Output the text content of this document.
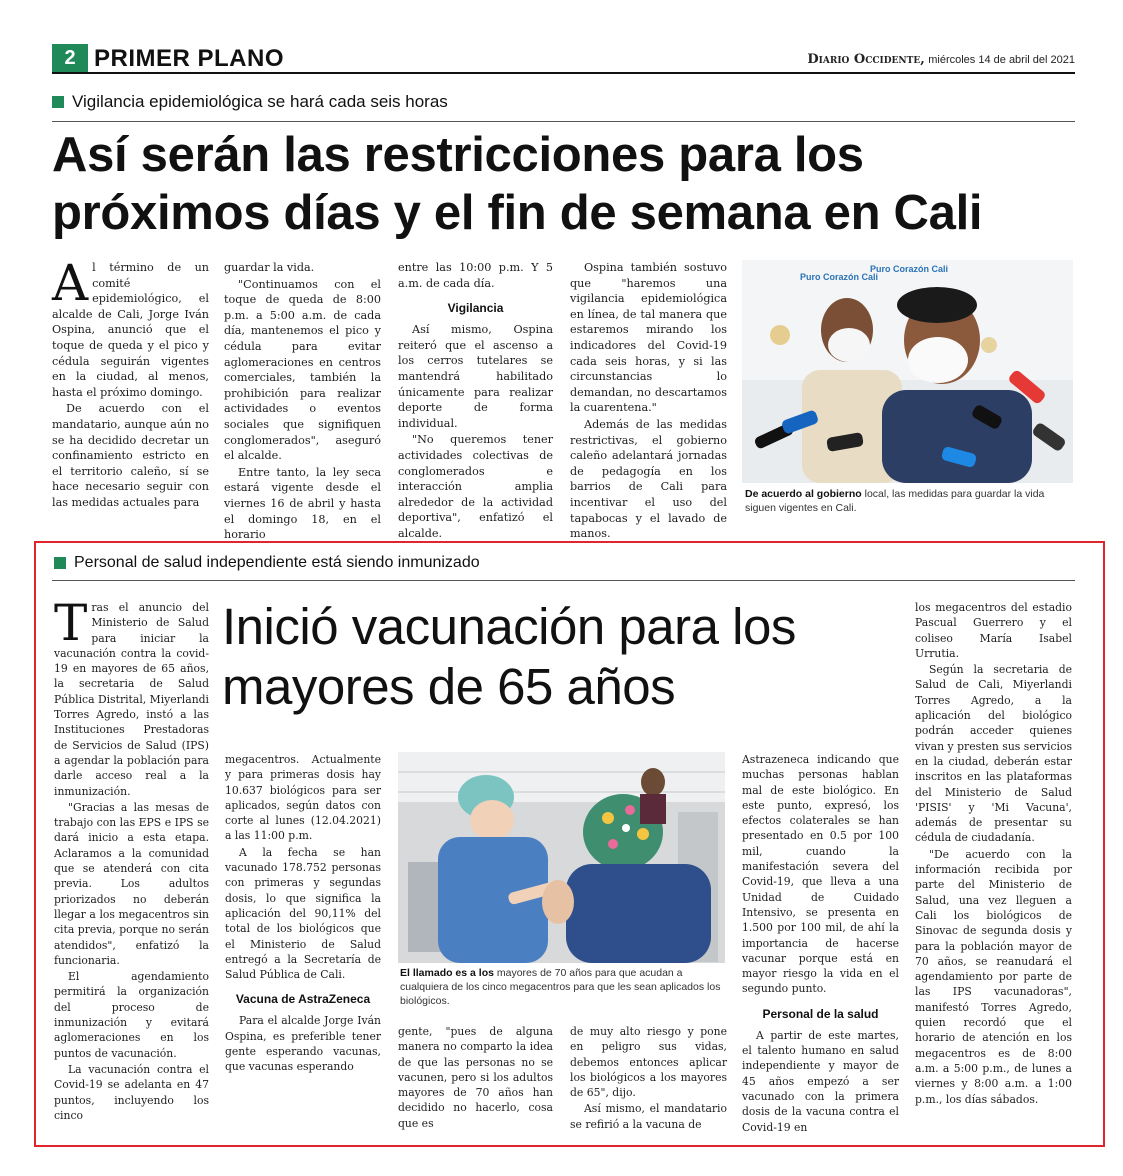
2 PRIMER PLANO	Diario Occidente, miércoles 14 de abril del 2021
Vigilancia epidemiológica se hará cada seis horas
Así serán las restricciones para los próximos días y el fin de semana en Cali

Al término de un comité epidemiológico, el alcalde de Cali, Jorge Iván Ospina, anunció que el toque de queda y el pico y cédula seguirán vigentes en la ciudad, al menos, hasta el próximo domingo.

De acuerdo con el mandatario, aunque aún no se ha decidido decretar un confinamiento estricto en el territorio caleño, sí se hace necesario seguir con las medidas actuales para

guardar la vida.

"Continuamos con el toque de queda de 8:00 p.m. a 5:00 a.m. de cada día, mantenemos el pico y cédula para evitar aglomeraciones en centros comerciales, también la prohibición para realizar actividades o eventos sociales que signifiquen conglomerados", aseguró el alcalde.

Entre tanto, la ley seca estará vigente desde el viernes 16 de abril y hasta el domingo 18, en el horario

entre las 10:00 p.m. Y 5 a.m. de cada día.

Vigilancia

Así mismo, Ospina reiteró que el ascenso a los cerros tutelares se mantendrá habilitado únicamente para realizar deporte de forma individual.

"No queremos tener actividades colectivas de conglomerados e interacción amplia alrededor de la actividad deportiva", enfatizó el alcalde.

Ospina también sostuvo que "haremos una vigilancia epidemiológica en línea, de tal manera que estaremos mirando los indicadores del Covid-19 cada seis horas, y si las circunstancias lo demandan, no descartamos la cuarentena."

Además de las medidas restrictivas, el gobierno caleño adelantará jornadas de pedagogía en los barrios de Cali para incentivar el uso del tapabocas y el lavado de manos.

Puro Corazón Cali
Puro Corazón Cali
De acuerdo al gobierno local, las medidas para guardar la vida siguen vigentes en Cali.
Personal de salud independiente está siendo inmunizado
Inició vacunación para los mayores de 65 años

Tras el anuncio del Ministerio de Salud para iniciar la vacunación contra la covid-19 en mayores de 65 años, la secretaria de Salud Pública Distrital, Miyerlandi Torres Agredo, instó a las Instituciones Prestadoras de Servicios de Salud (IPS) a agendar la población para darle acceso real a la inmunización.

"Gracias a las mesas de trabajo con las EPS e IPS se dará inicio a esta etapa. Aclaramos a la comunidad que se atenderá con cita previa. Los adultos priorizados no deberán llegar a los megacentros sin cita previa, porque no serán atendidos", enfatizó la funcionaria.

El agendamiento permitirá la organización del proceso de inmunización y evitará aglomeraciones en los puntos de vacunación.

La vacunación contra el Covid-19 se adelanta en 47 puntos, incluyendo los cinco

megacentros. Actualmente y para primeras dosis hay 10.637 biológicos para ser aplicados, según datos con corte al lunes (12.04.2021) a las 11:00 p.m.

A la fecha se han vacunado 178.752 personas con primeras y segundas dosis, lo que significa la aplicación del 90,11% del total de los biológicos que el Ministerio de Salud entregó a la Secretaría de Salud Pública de Cali.

Vacuna de AstraZeneca

Para el alcalde Jorge Iván Ospina, es preferible tener gente esperando vacunas, que vacunas esperando

El llamado es a los mayores de 70 años para que acudan a cualquiera de los cinco megacentros para que les sean aplicados los biológicos.

gente, "pues de alguna manera no comparto la idea de que las personas no se vacunen, pero si los adultos mayores de 70 años han decidido no hacerlo, cosa que es

de muy alto riesgo y pone en peligro sus vidas, debemos entonces aplicar los biológicos a los mayores de 65", dijo.

Así mismo, el mandatario se refirió a la vacuna de

Astrazeneca indicando que muchas personas hablan mal de este biológico. En este punto, expresó, los efectos colaterales se han presentado en 0.5 por 100 mil, cuando la manifestación severa del Covid-19, que lleva a una Unidad de Cuidado Intensivo, se presenta en 1.500 por 100 mil, de ahí la importancia de hacerse vacunar porque está en mayor riesgo la vida en el segundo punto.

Personal de la salud

A partir de este martes, el talento humano en salud independiente y mayor de 45 años empezó a ser vacunado con la primera dosis de la vacuna contra el Covid-19 en

los megacentros del estadio Pascual Guerrero y el coliseo María Isabel Urrutia.

Según la secretaria de Salud de Cali, Miyerlandi Torres Agredo, a la aplicación del biológico podrán acceder quienes vivan y presten sus servicios en la ciudad, deberán estar inscritos en las plataformas del Ministerio de Salud 'PISIS' y 'Mi Vacuna', además de presentar su cédula de ciudadanía.

"De acuerdo con la información recibida por parte del Ministerio de Salud, una vez lleguen a Cali los biológicos de Sinovac de segunda dosis y para la población mayor de 70 años, se reanudará el agendamiento por parte de las IPS vacunadoras", manifestó Torres Agredo, quien recordó que el horario de atención en los megacentros es de 8:00 a.m. a 5:00 p.m., de lunes a viernes y 8:00 a.m. a 1:00 p.m., los días sábados.
